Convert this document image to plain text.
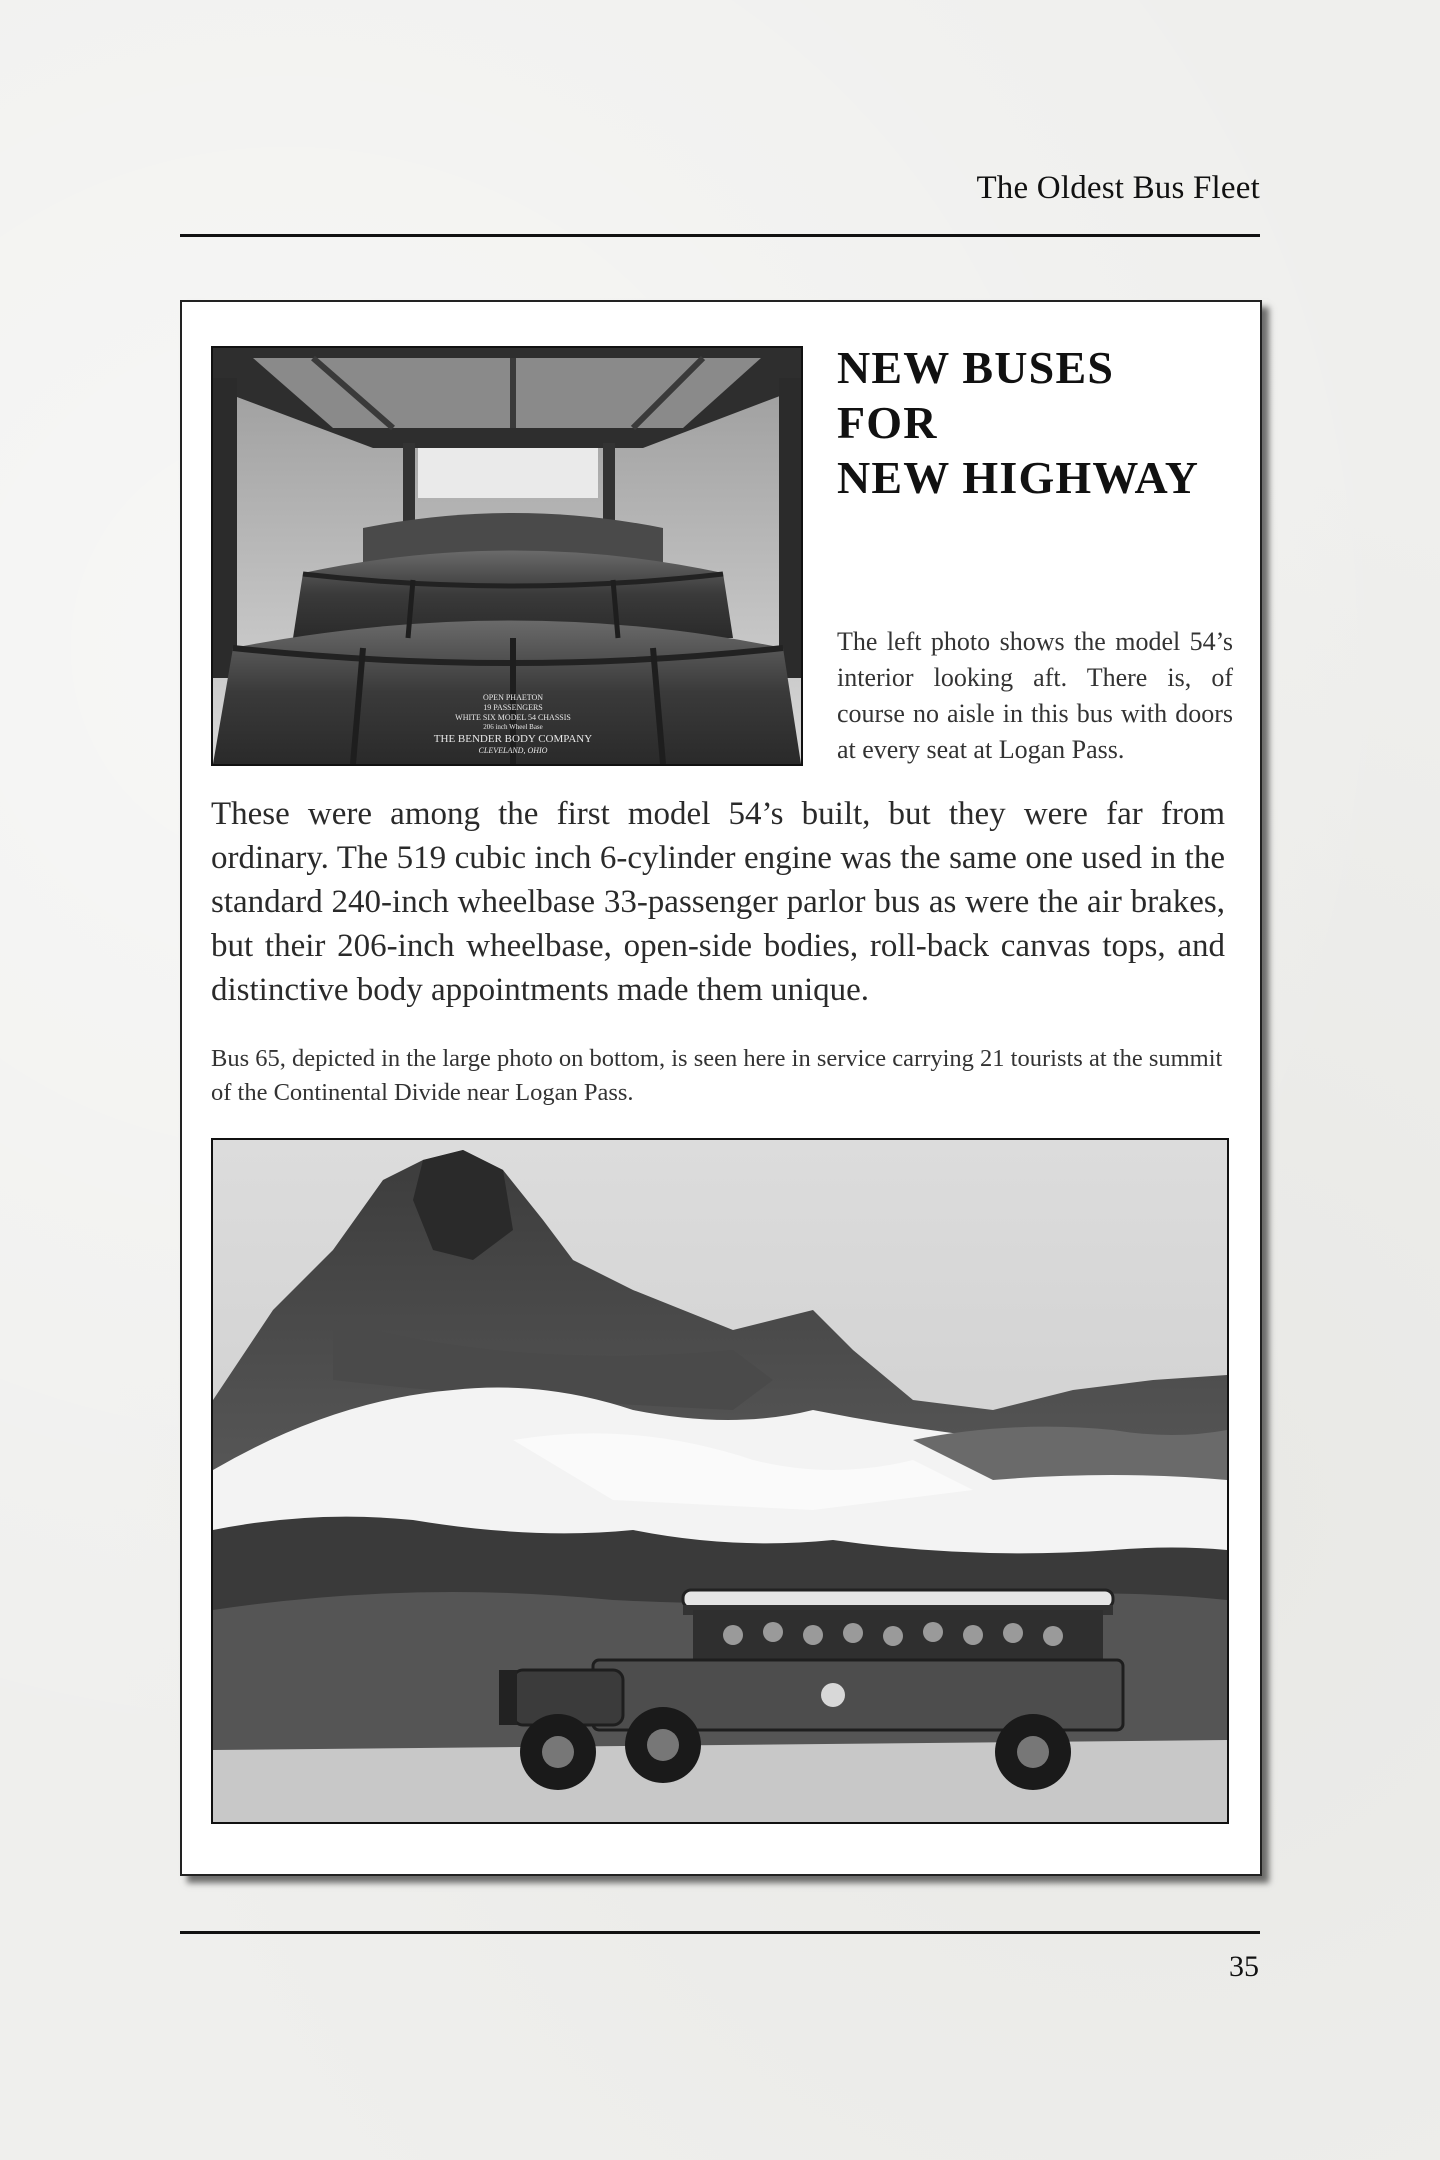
The Oldest Bus Fleet
OPEN PHAETON
19 PASSENGERS
WHITE SIX MODEL 54 CHASSIS
206 inch Wheel Base
THE BENDER BODY COMPANY
CLEVELAND, OHIO
NEW BUSES
FOR
NEW HIGHWAY
The left photo shows the model 54’s interior looking aft. There is, of course no aisle in this bus with doors at every seat at Logan Pass.
These were among the first model 54’s built, but they were far from ordinary. The 519 cubic inch 6-cylinder engine was the same one used in the standard 240-inch wheelbase 33-passenger parlor bus as were the air brakes, but their 206-inch wheelbase, open-side bodies, roll-back canvas tops, and distinctive body appointments made them unique.
Bus 65, depicted in the large photo on bottom, is seen here in service carrying 21 tourists at the summit of the Continental Divide near Logan Pass.
35
